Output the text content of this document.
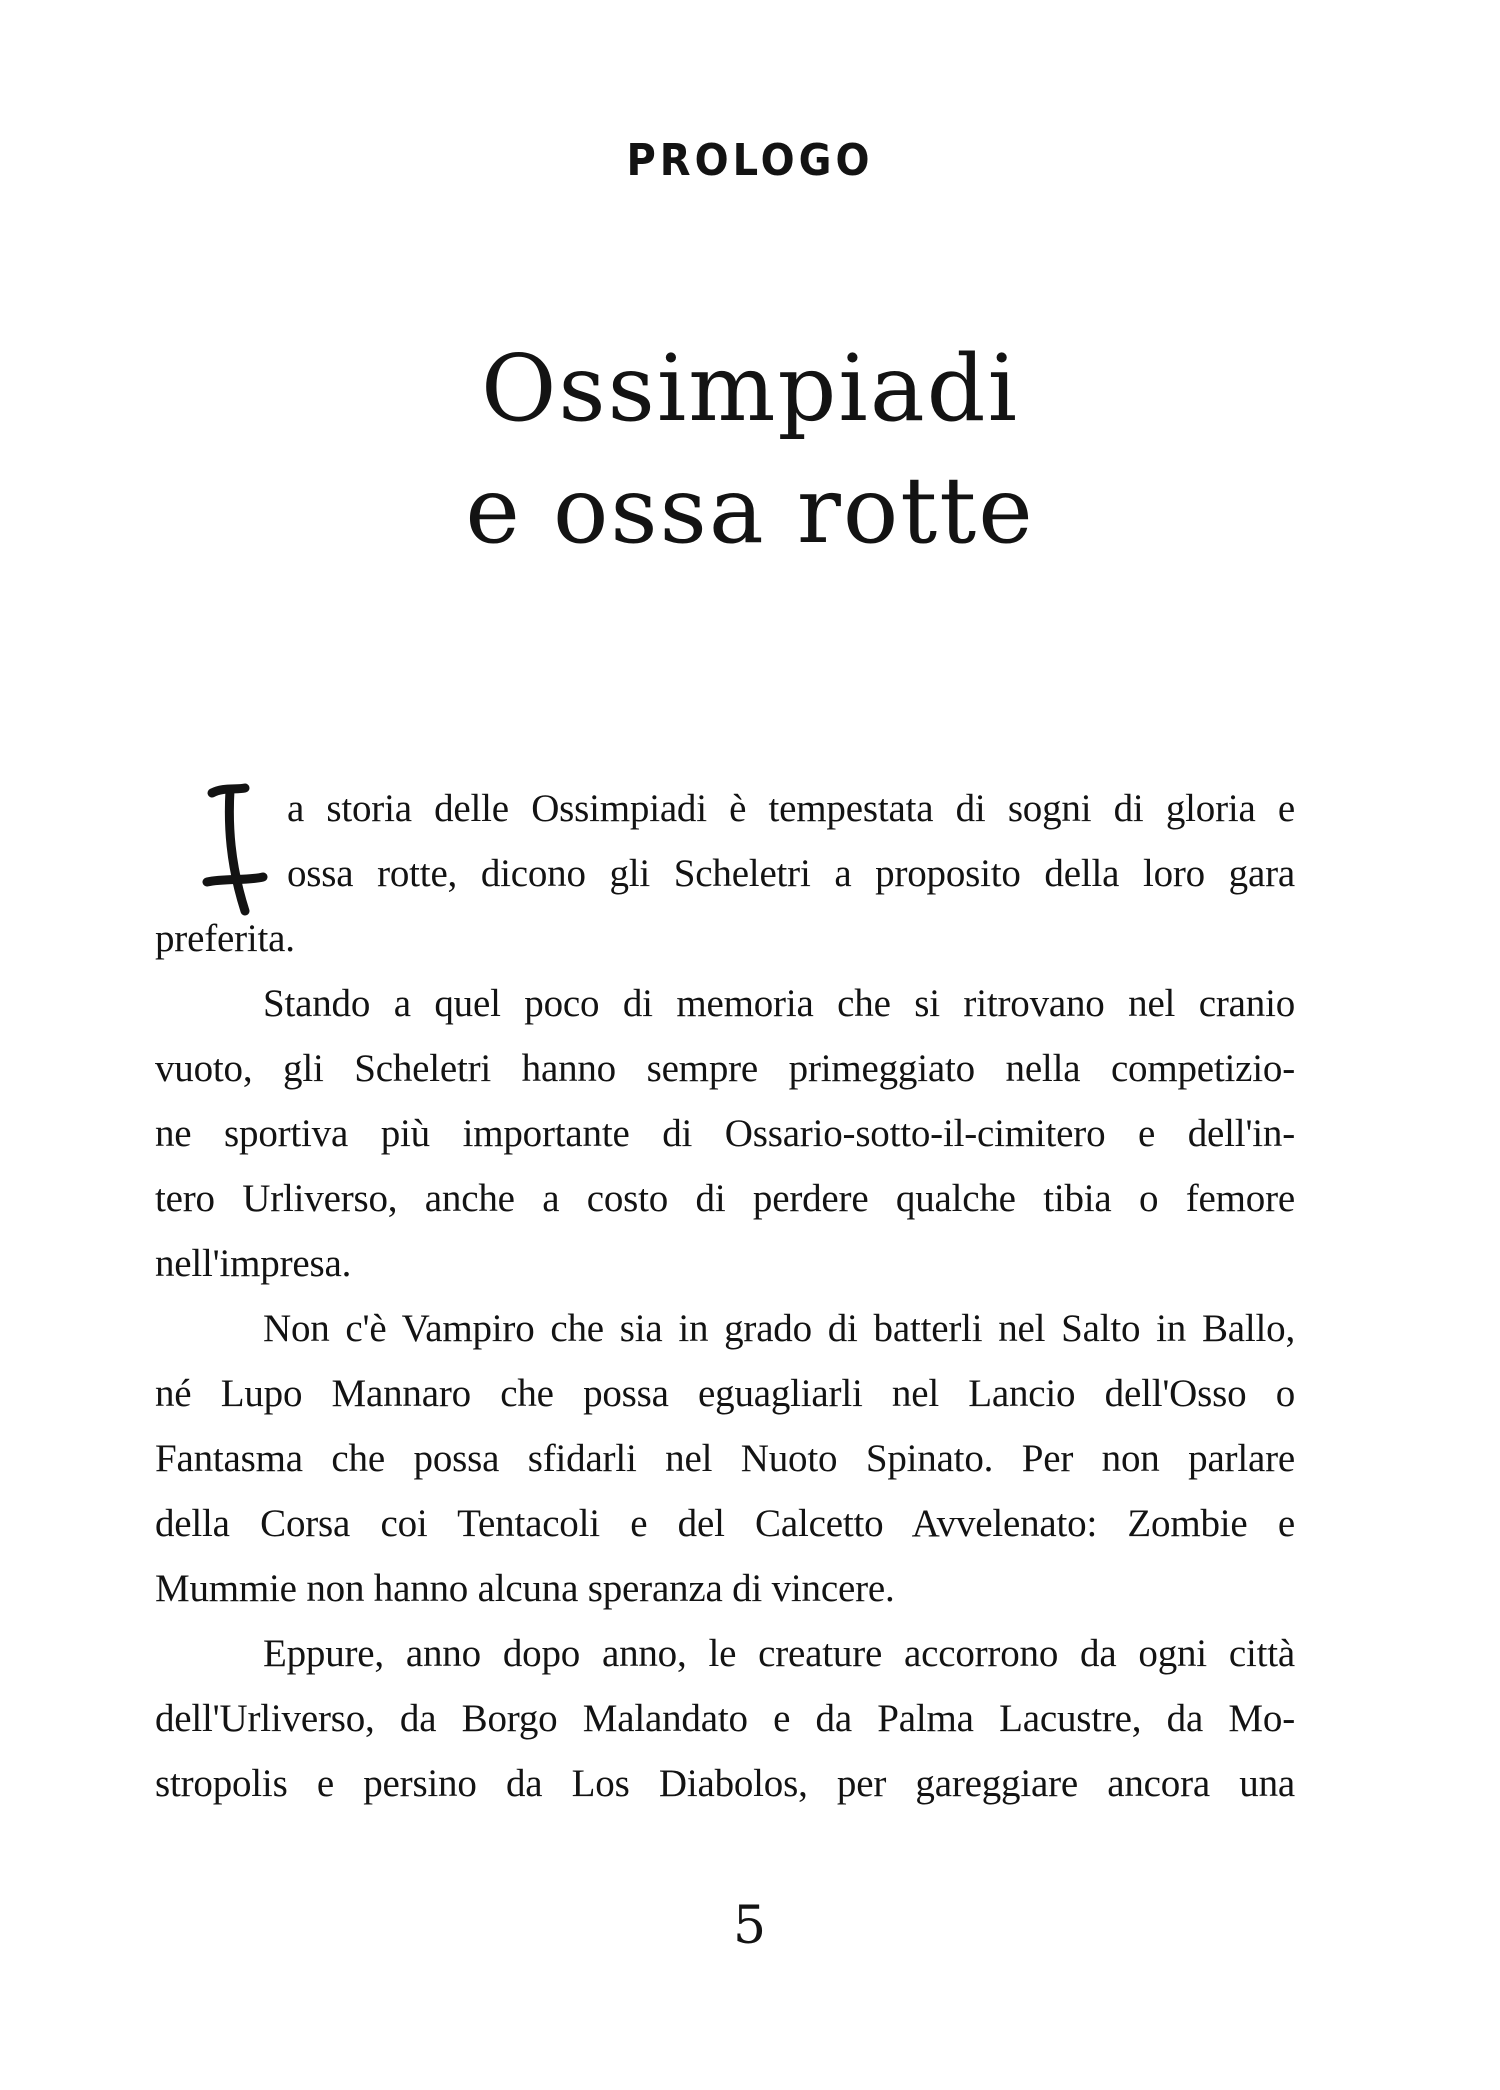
PROLOGO
Ossimpiadi
e ossa rotte
a storia delle Ossimpiadi è tempestata di sogni di gloria e
ossa rotte, dicono gli Scheletri a proposito della loro gara
preferita.
Stando a quel poco di memoria che si ritrovano nel cranio
vuoto, gli Scheletri hanno sempre primeggiato nella competizio-
ne sportiva più importante di Ossario-sotto-il-cimitero e dell'in-
tero Urliverso, anche a costo di perdere qualche tibia o femore
nell'impresa.
Non c'è Vampiro che sia in grado di batterli nel Salto in Ballo,
né Lupo Mannaro che possa eguagliarli nel Lancio dell'Osso o
Fantasma che possa sfidarli nel Nuoto Spinato. Per non parlare
della Corsa coi Tentacoli e del Calcetto Avvelenato: Zombie e
Mummie non hanno alcuna speranza di vincere.
Eppure, anno dopo anno, le creature accorrono da ogni città
dell'Urliverso, da Borgo Malandato e da Palma Lacustre, da Mo-
stropolis e persino da Los Diabolos, per gareggiare ancora una
5
